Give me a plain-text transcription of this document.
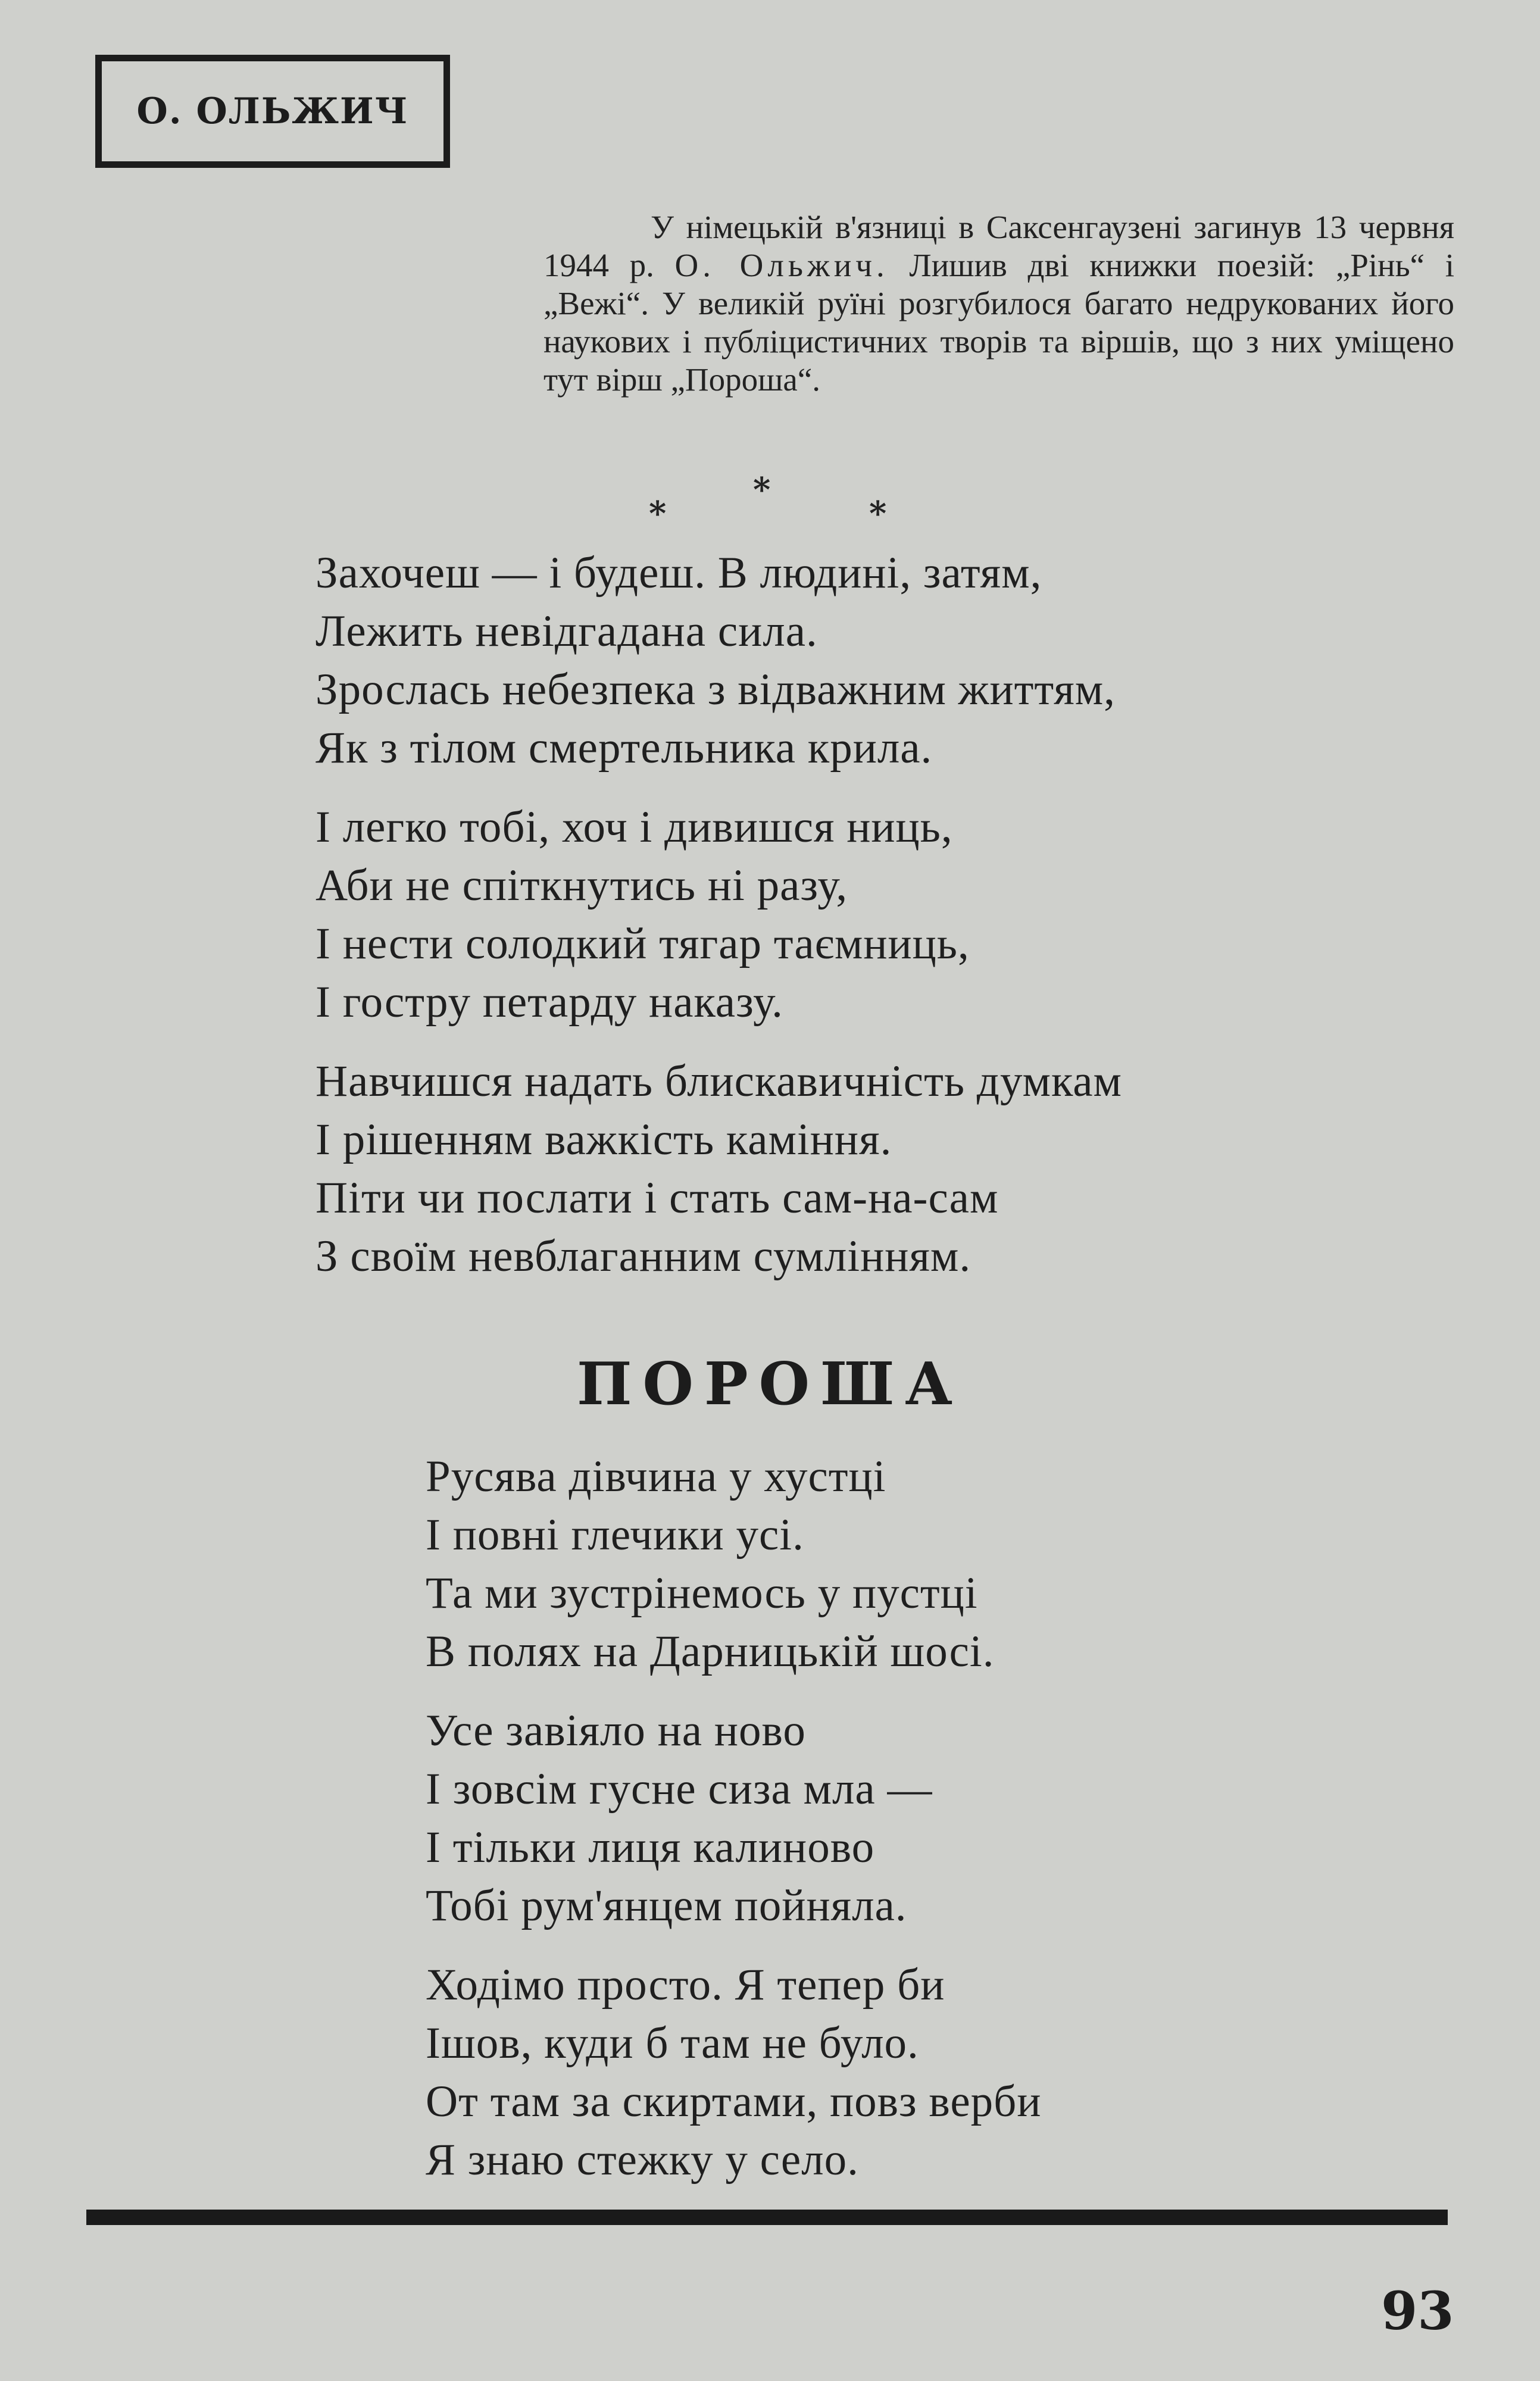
О. ОЛЬЖИЧ

У німецькій в'язниці в Саксенгаузені загинув 13 червня 1944 р. О. Ольжич. Лишив дві книжки поезій: „Рінь“ і „Вежі“. У великій руїні розгубилося багато недрукованих його наукових і публіцистичних творів та віршів, що з них уміщено тут вірш „Пороша“.

*
*
*
Захочеш — і будеш. В людині, затям,
Лежить невідгадана сила.
Зрослась небезпека з відважним життям,
Як з тілом смертельника крила.
І легко тобі, хоч і дивишся ниць,
Аби не спіткнутись ні разу,
І нести солодкий тягар таємниць,
І гостру петарду наказу.
Навчишся надать блискавичність думкам
І рішенням важкість каміння.
Піти чи послати і стать сам-на-сам
З своїм невблаганним сумлінням.
ПОРОША
Русява дівчина у хустці
І повні глечики усі.
Та ми зустрінемось у пустці
В полях на Дарницькій шосі.
Усе завіяло на ново
І зовсім гусне сиза мла —
І тільки лиця калиново
Тобі рум'янцем пойняла.
Ходімо просто. Я тепер би
Ішов, куди б там не було.
От там за скиртами, повз верби
Я знаю стежку у село.
93
